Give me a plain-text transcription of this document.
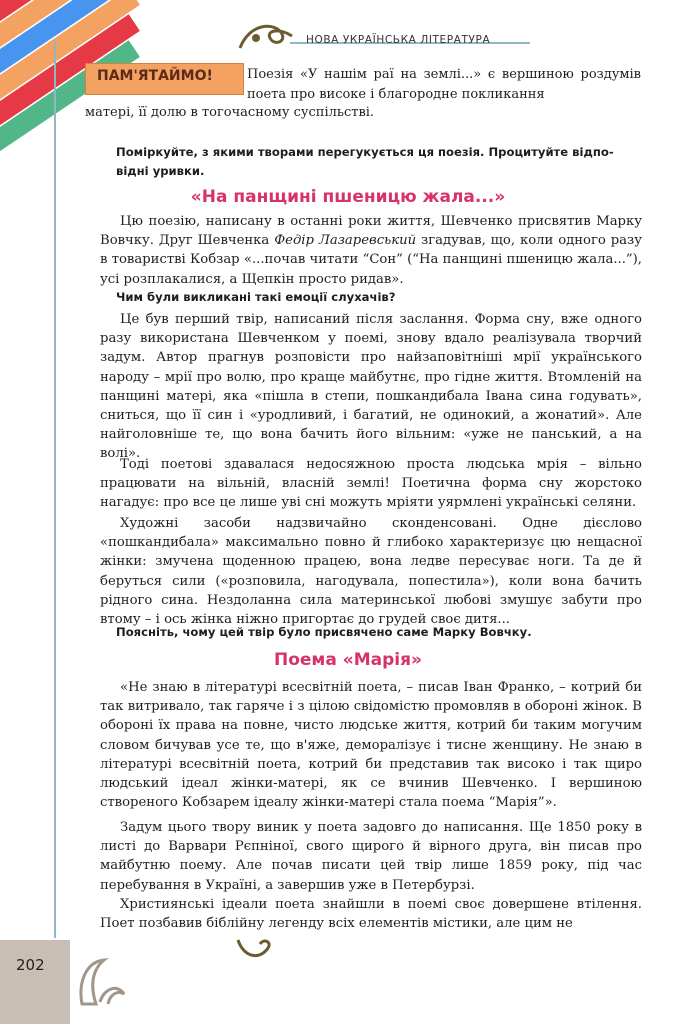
НОВА УКРАЇНСЬКА ЛІТЕРАТУРА
ПАМ'ЯТАЙМО!	Поезія «У нашім раї на землі...» є вершиною роздумів поета про високе і благородне покликання
матері, її долю в тогочасному суспільстві.
Поміркуйте, з якими творами перегукується ця поезія. Процитуйте відпо-
відні уривки.
«На панщині пшеницю жала...»
Цю поезію, написану в останні роки життя, Шевченко присвятив Марку Вовчку. Друг Шевченка Федір Лазаревський згадував, що, коли одного разу в товаристві Кобзар «...почав читати “Сон” (“На панщині пшеницю жала...”), усі розплакалися, а Щепкін просто ридав».
Чим були викликані такі емоції слухачів?
Це був перший твір, написаний після заслання. Форма сну, вже одного разу використана Шевченком у поемі, знову вдало реалізувала творчий задум. Автор прагнув розповісти про найзаповітніші мрії українського народу – мрії про волю, про краще майбутнє, про гідне життя. Втомленій на панщині матері, яка «пішла в степи, пошкандибала Івана сина годувать», сниться, що її син і «уродливий, і багатий, не одинокий, а жонатий». Але найголовніше те, що вона бачить його вільним: «уже не панський, а на волі».
Тоді поетові здавалася недосяжною проста людська мрія – вільно працювати на вільній, власній землі! Поетична форма сну жорстоко нагадує: про все це лише уві сні можуть мріяти уярмлені українські селяни.
Художні засоби надзвичайно сконденсовані. Одне дієслово «пошкандибала» максимально повно й глибоко характеризує цю нещасної жінки: змучена щоденною працею, вона ледве пересуває ноги. Та де й беруться сили («розповила, нагодувала, попестила»), коли вона бачить рідного сина. Нездоланна сила материнської любові змушує забути про втому – і ось жінка ніжно пригортає до грудей своє дитя...
Поясніть, чому цей твір було присвячено саме Марку Вовчку.
Поема «Марія»
«Не знаю в літературі всесвітній поета, – писав Іван Франко, – котрий би так витривало, так гаряче і з цілою свідомістю промовляв в обороні жінок. В обороні їх права на повне, чисто людське життя, котрий би таким могучим словом бичував усе те, що в'яже, деморалізує і тисне женщину. Не знаю в літературі всесвітній поета, котрий би представив так високо і так щиро людський ідеал жінки-матері, як се вчинив Шевченко. І вершиною створеного Кобзарем ідеалу жінки-матері стала поема “Марія”».
Задум цього твору виник у поета задовго до написання. Ще 1850 року в листі до Варвари Рєпніної, свого щирого й вірного друга, він писав про майбутню поему. Але почав писати цей твір лише 1859 року, під час перебування в Україні, а завершив уже в Петербурзі.
Християнські ідеали поета знайшли в поемі своє довершене втілення. Поет позбавив біблійну легенду всіх елементів містики, але цим не
202
